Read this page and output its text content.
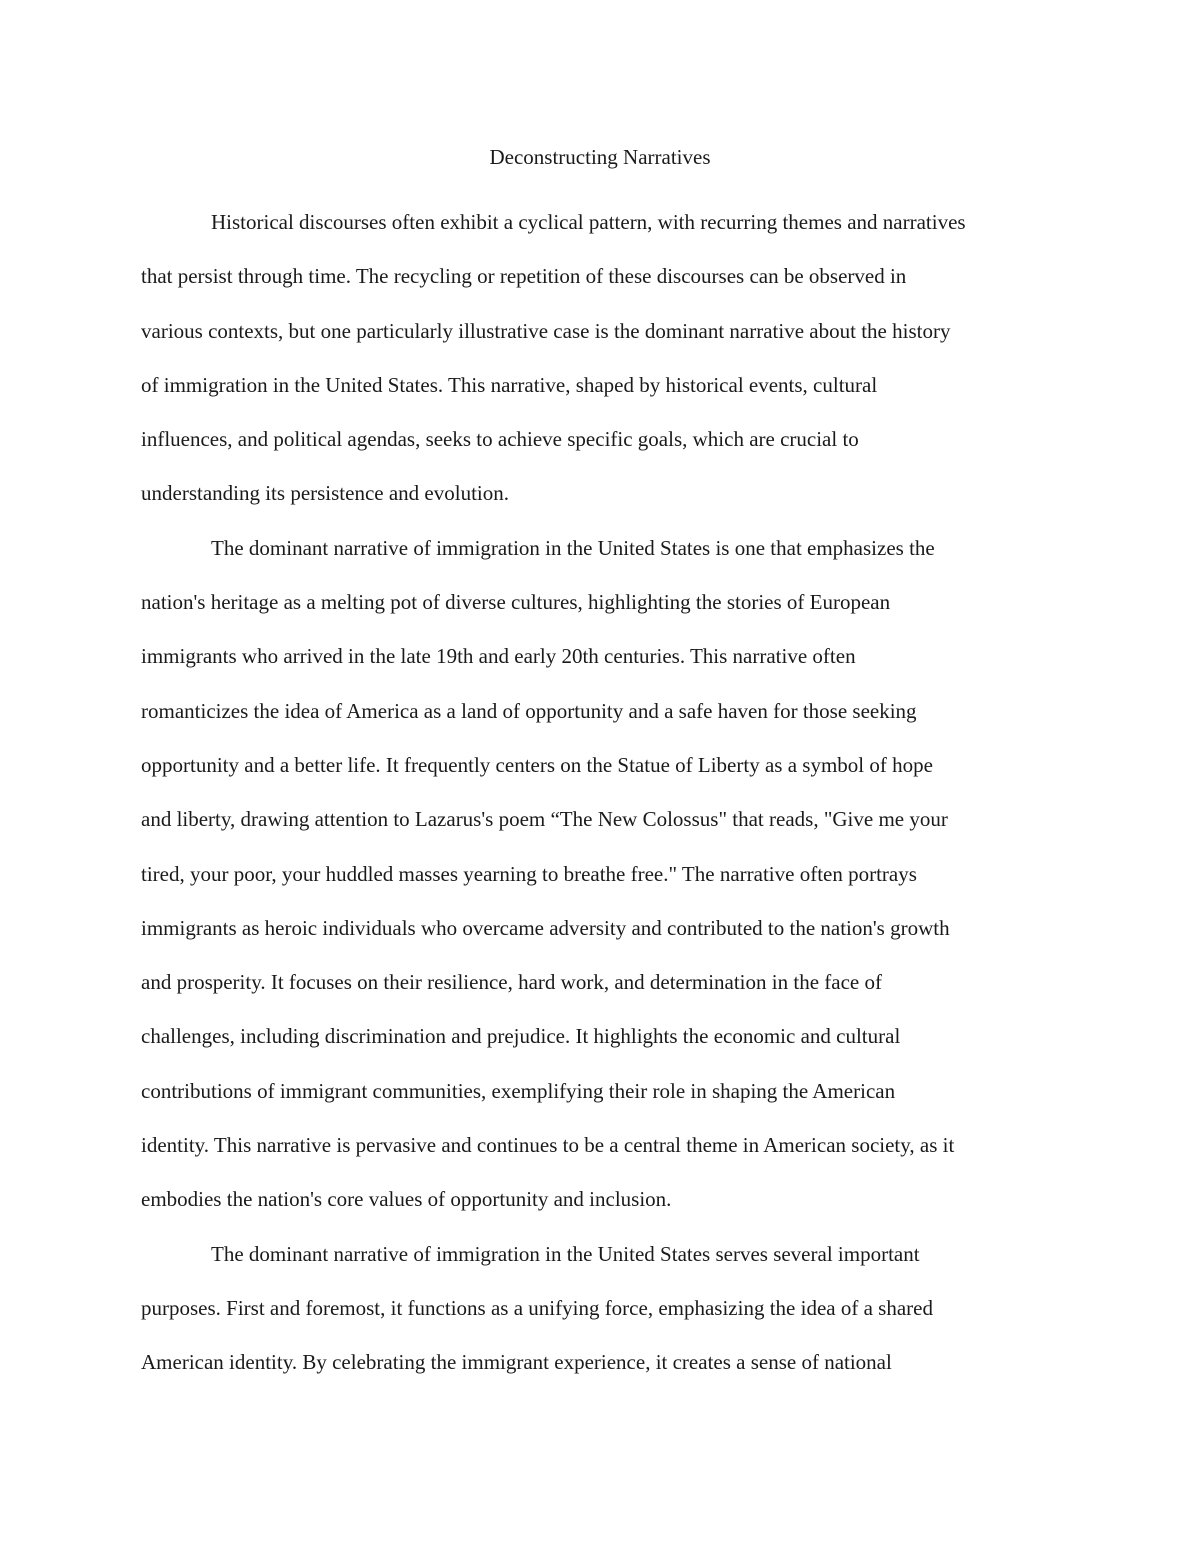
Deconstructing Narratives

Historical discourses often exhibit a cyclical pattern, with recurring themes and narratives
that persist through time. The recycling or repetition of these discourses can be observed in
various contexts, but one particularly illustrative case is the dominant narrative about the history
of immigration in the United States. This narrative, shaped by historical events, cultural
influences, and political agendas, seeks to achieve specific goals, which are crucial to
understanding its persistence and evolution.

The dominant narrative of immigration in the United States is one that emphasizes the
nation's heritage as a melting pot of diverse cultures, highlighting the stories of European
immigrants who arrived in the late 19th and early 20th centuries. This narrative often
romanticizes the idea of America as a land of opportunity and a safe haven for those seeking
opportunity and a better life. It frequently centers on the Statue of Liberty as a symbol of hope
and liberty, drawing attention to Lazarus's poem “The New Colossus" that reads, "Give me your
tired, your poor, your huddled masses yearning to breathe free." The narrative often portrays
immigrants as heroic individuals who overcame adversity and contributed to the nation's growth
and prosperity. It focuses on their resilience, hard work, and determination in the face of
challenges, including discrimination and prejudice. It highlights the economic and cultural
contributions of immigrant communities, exemplifying their role in shaping the American
identity. This narrative is pervasive and continues to be a central theme in American society, as it
embodies the nation's core values of opportunity and inclusion.

The dominant narrative of immigration in the United States serves several important
purposes. First and foremost, it functions as a unifying force, emphasizing the idea of a shared
American identity. By celebrating the immigrant experience, it creates a sense of national
